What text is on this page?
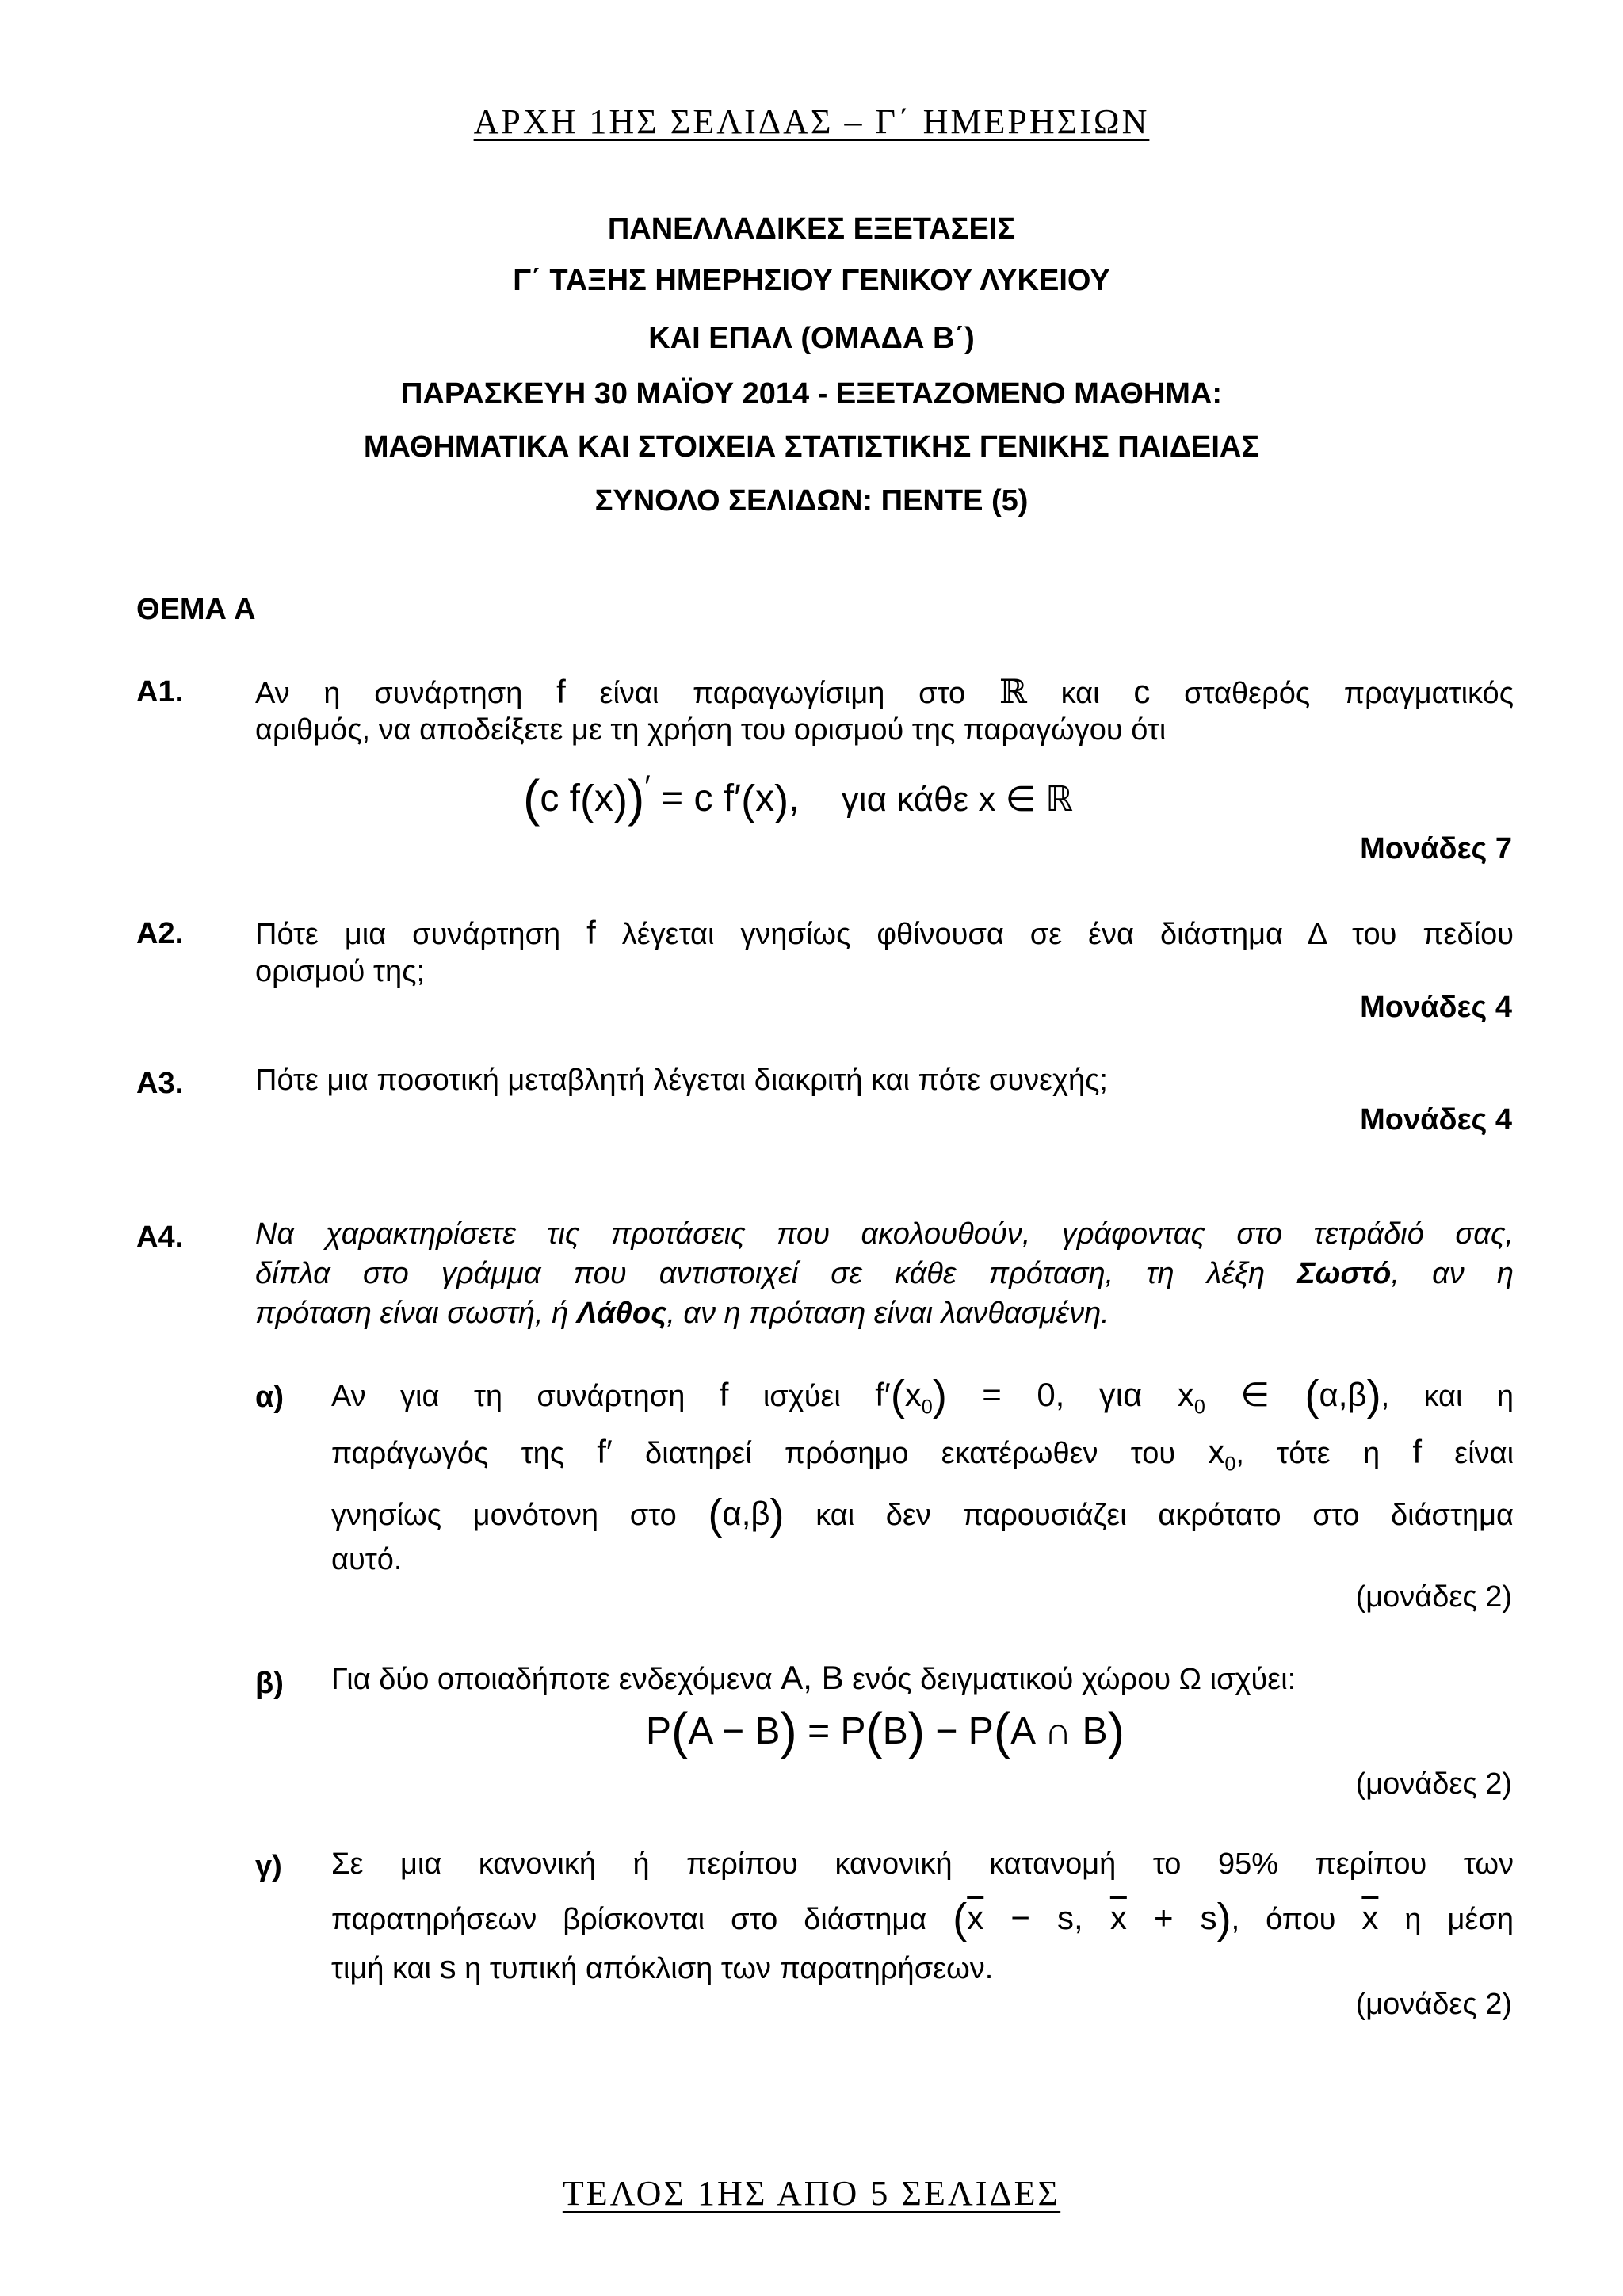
ΑΡΧΗ 1ΗΣ ΣΕΛΙΔΑΣ – Γ΄ ΗΜΕΡΗΣΙΩΝ
ΠΑΝΕΛΛΑΔΙΚΕΣ ΕΞΕΤΑΣΕΙΣ
Γ΄ ΤΑΞΗΣ ΗΜΕΡΗΣΙΟΥ ΓΕΝΙΚΟΥ ΛΥΚΕΙΟΥ
ΚΑΙ ΕΠΑΛ (ΟΜΑΔΑ Β΄)
ΠΑΡΑΣΚΕΥΗ 30 ΜΑΪΟΥ 2014 - ΕΞΕΤΑΖΟΜΕΝΟ ΜΑΘΗΜΑ:
ΜΑΘΗΜΑΤΙΚΑ ΚΑΙ ΣΤΟΙΧΕΙΑ ΣΤΑΤΙΣΤΙΚΗΣ ΓΕΝΙΚΗΣ ΠΑΙΔΕΙΑΣ
ΣΥΝΟΛΟ ΣΕΛΙΔΩΝ: ΠΕΝΤΕ (5)
ΘΕΜΑ Α
Α1. Αν η συνάρτηση f είναι παραγωγίσιμη στο ℝ και c σταθερός πραγματικός
αριθμός, να αποδείξετε με τη χρήση του ορισμού της παραγώγου ότι
(c f(x))′ = c f′(x),    για κάθε x ∈ ℝ
Μονάδες 7
Α2. Πότε μια συνάρτηση f λέγεται γνησίως φθίνουσα σε ένα διάστημα Δ του πεδίου
ορισμού της;
Μονάδες 4
Α3. Πότε μια ποσοτική μεταβλητή λέγεται διακριτή και πότε συνεχής;
Μονάδες 4
Α4. Να χαρακτηρίσετε τις προτάσεις που ακολουθούν, γράφοντας στο τετράδιό σας,
δίπλα στο γράμμα που αντιστοιχεί σε κάθε πρόταση, τη λέξη Σωστό, αν η
πρόταση είναι σωστή, ή Λάθος, αν η πρόταση είναι λανθασμένη.
α) Αν για τη συνάρτηση f ισχύει $f'(x_0) = 0$, για $x_0$ ∈ (α,β), και η
παράγωγός της f′ διατηρεί πρόσημο εκατέρωθεν του $x_0$, τότε η f είναι
γνησίως μονότονη στο (α,β) και δεν παρουσιάζει ακρότατο στο διάστημα
αυτό.
(μονάδες 2)
β) Για δύο οποιαδήποτε ενδεχόμενα Α, Β ενός δειγματικού χώρου Ω ισχύει:
P(A − B) = P(B) − P(A ∩ B)
(μονάδες 2)
γ) Σε μια κανονική ή περίπου κανονική κατανομή το 95% περίπου των
παρατηρήσεων βρίσκονται στο διάστημα ($\overline{x} - s$, $\overline{x} + s$), όπου $\overline{x}$ η μέση
τιμή και s η τυπική απόκλιση των παρατηρήσεων.
(μονάδες 2)
ΤΕΛΟΣ 1ΗΣ ΑΠΟ 5 ΣΕΛΙΔΕΣ
